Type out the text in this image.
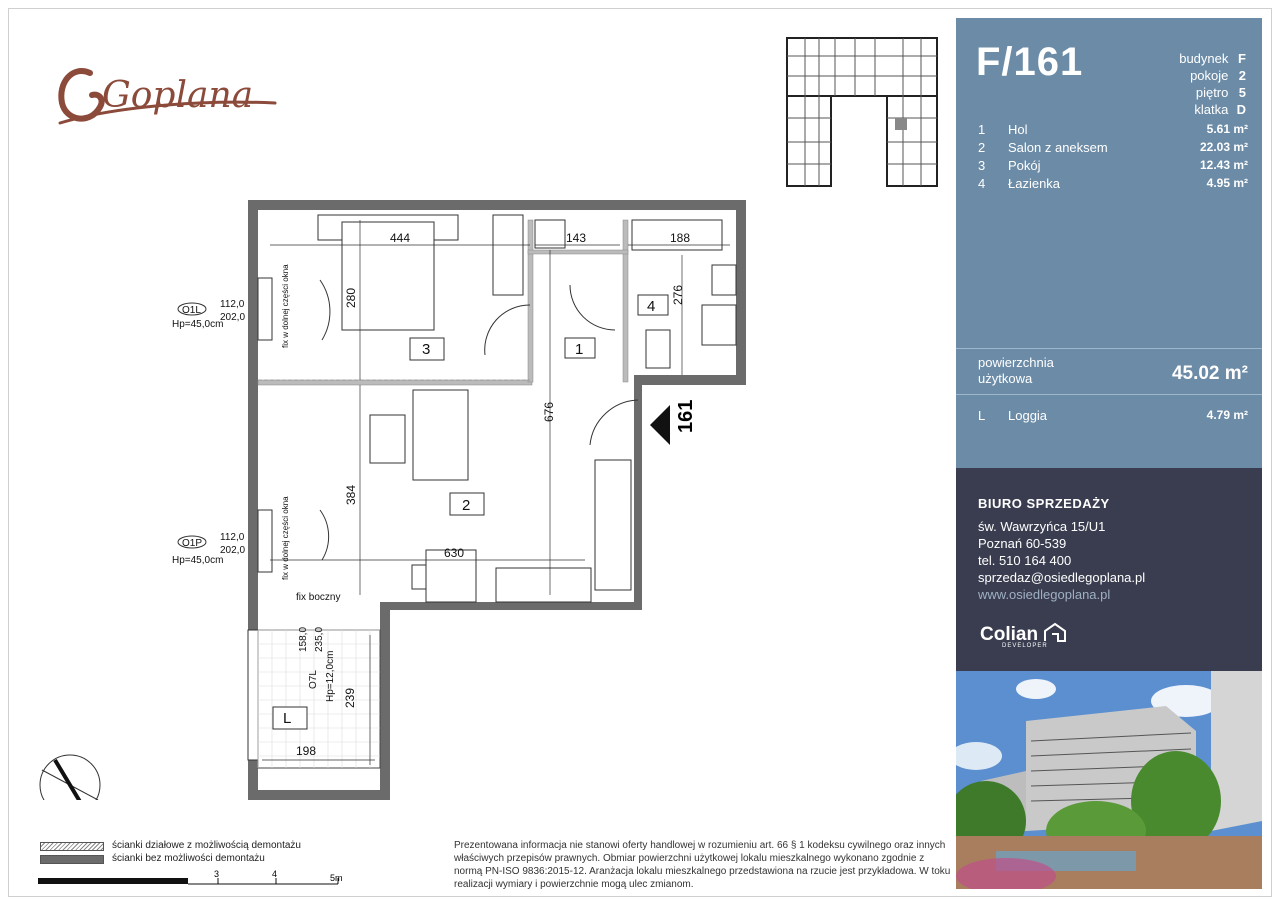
Goplana
161
1
2
3
4
L
444	143	188
276
280
676
384
630
239
198
O1L
112,0
202,0
Hp=45,0cm	fix w dolnej części okna
O1P
112,0
202,0
Hp=45,0cm	fix w dolnej części okna
O7L
158,0 235,0
Hp=12,0cm
fix boczny
F/161	budynek F
pokoje 2
piętro 5
klatka D
1 Hol	5.61 m²
2 Salon z aneksem	22.03 m²
3 Pokój	12.43 m²
4 Łazienka	4.95 m²
powierzchnia
użytkowa	45.02 m²
L Loggia	4.79 m²
BIURO SPRZEDAŻY
św. Wawrzyńca 15/U1
Poznań 60-539
tel. 510 164 400
sprzedaz@osiedlegoplana.pl
www.osiedlegoplana.pl
Colian
DEVELOPER
ścianki działowe z możliwością demontażu
ścianki bez możliwości demontażu
3	4	5m
Prezentowana informacja nie stanowi oferty handlowej w rozumieniu art. 66 § 1 kodeksu cywilnego oraz innych właściwych przepisów prawnych. Obmiar powierzchni użytkowej lokalu mieszkalnego wykonano zgodnie z normą PN-ISO 9836:2015-12. Aranżacja lokalu mieszkalnego przedstawiona na rzucie jest przykładowa. W toku realizacji wymiary i powierzchnie mogą ulec zmianom.
